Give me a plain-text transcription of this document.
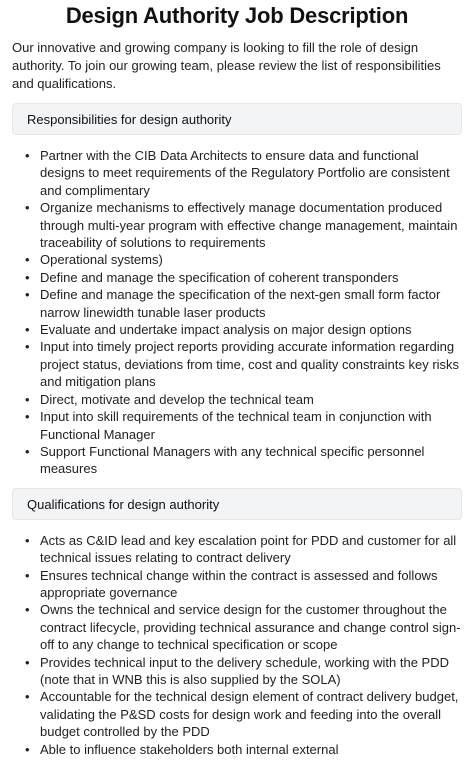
Design Authority Job Description

Our innovative and growing company is looking to fill the role of design authority. To join our growing team, please review the list of responsibilities and qualifications.

Responsibilities for design authority
• Partner with the CIB Data Architects to ensure data and functional designs to meet requirements of the Regulatory Portfolio are consistent and complimentary
• Organize mechanisms to effectively manage documentation produced through multi-year program with effective change management, maintain traceability of solutions to requirements
• Operational systems)
• Define and manage the specification of coherent transponders
• Define and manage the specification of the next-gen small form factor narrow linewidth tunable laser products
• Evaluate and undertake impact analysis on major design options
• Input into timely project reports providing accurate information regarding project status, deviations from time, cost and quality constraints key risks and mitigation plans
• Direct, motivate and develop the technical team
• Input into skill requirements of the technical team in conjunction with Functional Manager
• Support Functional Managers with any technical specific personnel measures
Qualifications for design authority
• Acts as C&ID lead and key escalation point for PDD and customer for all technical issues relating to contract delivery
• Ensures technical change within the contract is assessed and follows appropriate governance
• Owns the technical and service design for the customer throughout the contract lifecycle, providing technical assurance and change control sign-off to any change to technical specification or scope
• Provides technical input to the delivery schedule, working with the PDD (note that in WNB this is also supplied by the SOLA)
• Accountable for the technical design element of contract delivery budget, validating the P&SD costs for design work and feeding into the overall budget controlled by the PDD
• Able to influence stakeholders both internal external
